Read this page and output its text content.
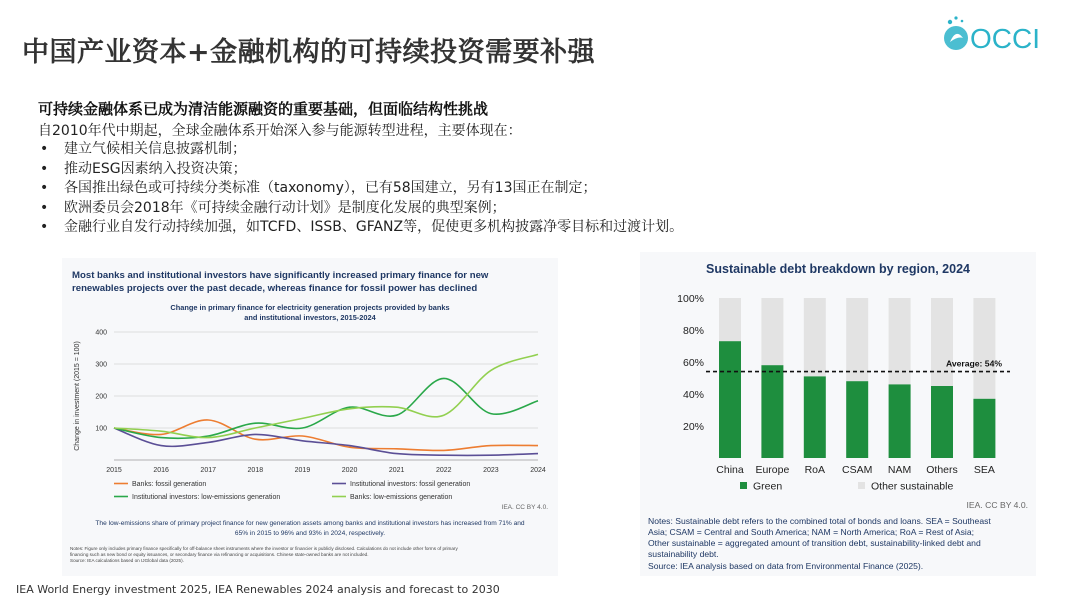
中国产业资本+金融机构的可持续投资需要补强	OCCI
可持续金融体系已成为清洁能源融资的重要基础，但面临结构性挑战
自2010年代中期起，全球金融体系开始深入参与能源转型进程，主要体现在：
• 建立气候相关信息披露机制；
• 推动ESG因素纳入投资决策；
• 各国推出绿色或可持续分类标准（taxonomy），已有58国建立，另有13国正在制定；
• 欧洲委员会2018年《可持续金融行动计划》是制度化发展的典型案例；
• 金融行业自发行动持续加强，如TCFD、ISSB、GFANZ等，促使更多机构披露净零目标和过渡计划。
Most banks and institutional investors have significantly increased primary finance for new
renewables projects over the past decade, whereas finance for fossil power has declined
Change in primary finance for electricity generation projects provided by banks
and institutional investors, 2015-2024
100
200
300
400
2015	2016	2017	2018	2019	2020	2021	2022	2023	2024
Change in investment (2015 = 100)
Banks: fossil generation	Institutional investors: fossil generation
Institutional investors: low-emissions generation	Banks: low-emissions generation
IEA. CC BY 4.0.
The low-emissions share of primary project finance for new generation assets among banks and institutional investors has increased from 71% and
65% in 2015 to 96% and 93% in 2024, respectively.
Notes: Figure only includes primary finance specifically for off-balance sheet instruments where the investor or financier is publicly disclosed. Calculations do not include other forms of primary
financing such as new bond or equity issuances, or secondary finance via refinancing or acquisitions. Chinese state-owned banks are not included.
Source: IEA calculations based on IJGlobal data (2025).
Sustainable debt breakdown by region, 2024
20%
40%
60%
80%
100%
Average: 54%
China Europe RoA CSAM NAM Others SEA
Green	Other sustainable
IEA. CC BY 4.0.
Notes: Sustainable debt refers to the combined total of bonds and loans. SEA = Southeast
Asia; CSAM = Central and South America; NAM = North America; RoA = Rest of Asia;
Other sustainable = aggregated amount of transition debt, sustainability-linked debt and
sustainability debt.
Source: IEA analysis based on data from Environmental Finance (2025).
IEA World Energy investment 2025, IEA Renewables 2024 analysis and forecast to 2030
